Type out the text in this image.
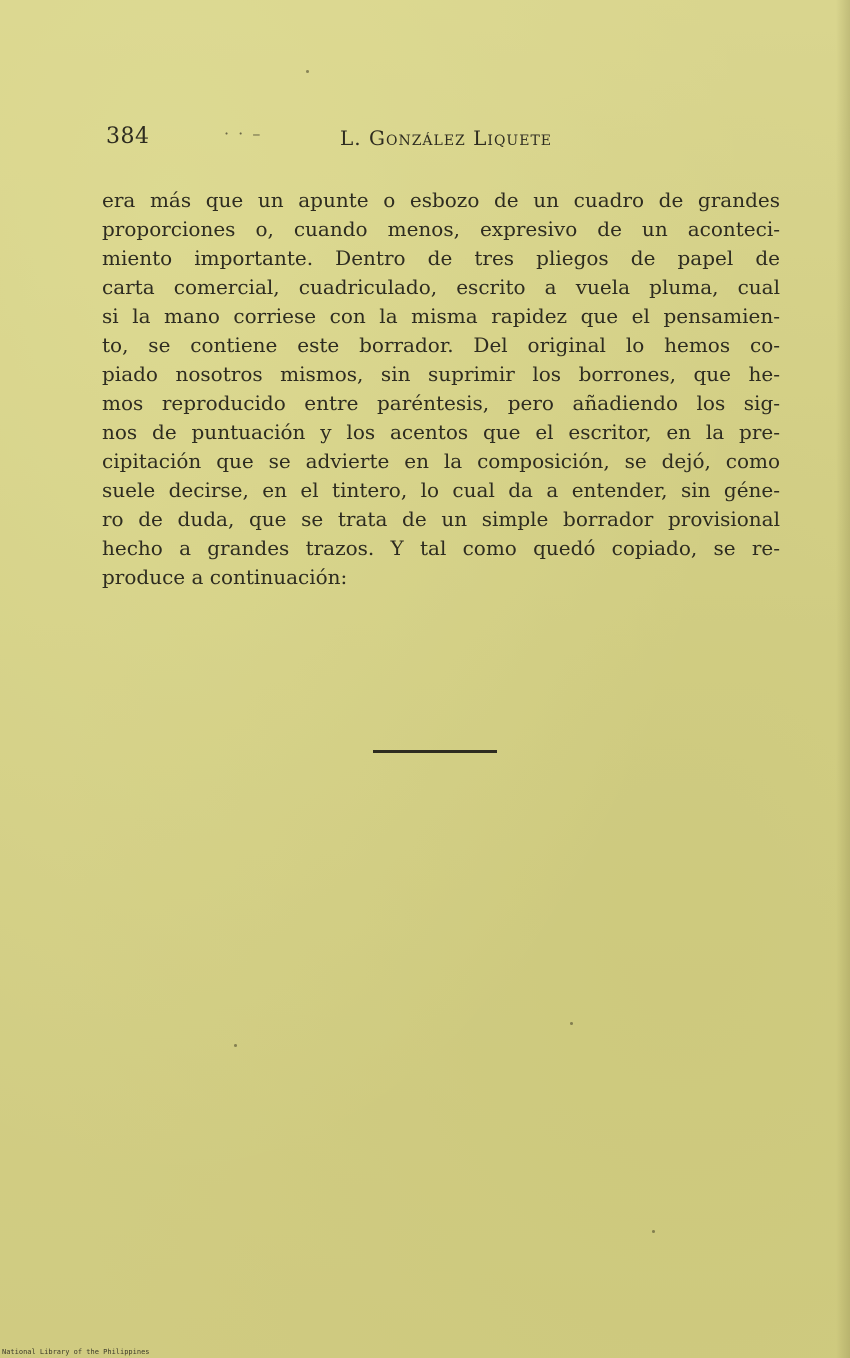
384	· · –	L. González Liquete
era más que un apunte o esbozo de un cuadro de grandes
proporciones o, cuando menos, expresivo de un aconteci-
miento importante. Dentro de tres pliegos de papel de
carta comercial, cuadriculado, escrito a vuela pluma, cual
si la mano corriese con la misma rapidez que el pensamien-
to, se contiene este borrador. Del original lo hemos co-
piado nosotros mismos, sin suprimir los borrones, que he-
mos reproducido entre paréntesis, pero añadiendo los sig-
nos de puntuación y los acentos que el escritor, en la pre-
cipitación que se advierte en la composición, se dejó, como
suele decirse, en el tintero, lo cual da a entender, sin géne-
ro de duda, que se trata de un simple borrador provisional
hecho a grandes trazos. Y tal como quedó copiado, se re-
produce a continuación:
National Library of the Philippines
